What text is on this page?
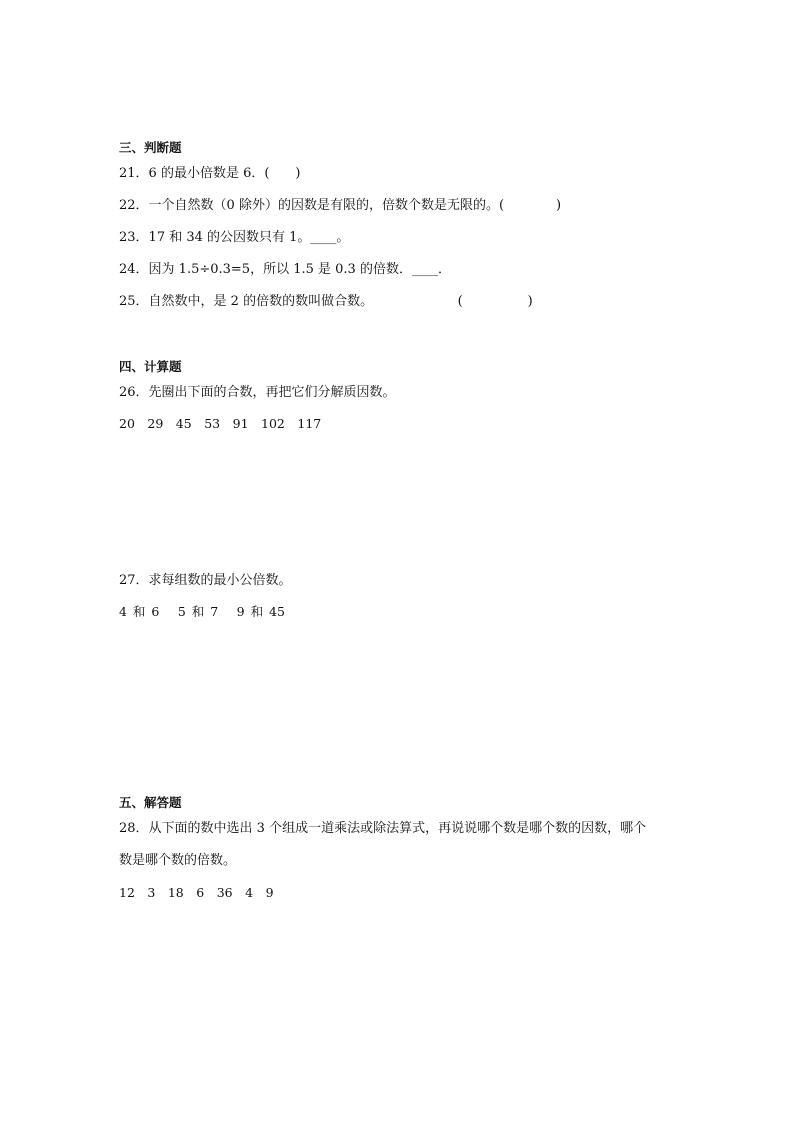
三、判断题
21．6 的最小倍数是 6．(　　)
22．一个自然数（0 除外）的因数是有限的，倍数个数是无限的。(　　　　)
23．17 和 34 的公因数只有 1。____。
24．因为 1.5÷0.3=5，所以 1.5 是 0.3 的倍数．____．
25．自然数中，是 2 的倍数的数叫做合数。　　　　　　　(　　　　　)
四、计算题
26．先圈出下面的合数，再把它们分解质因数。
20　29　45　53　91　102　117
27．求每组数的最小公倍数。
4 和 6　 5 和 7　 9 和 45
五、解答题
28．从下面的数中选出 3 个组成一道乘法或除法算式，再说说哪个数是哪个数的因数，哪个
数是哪个数的倍数。
12　3　18　6　36　4　9
